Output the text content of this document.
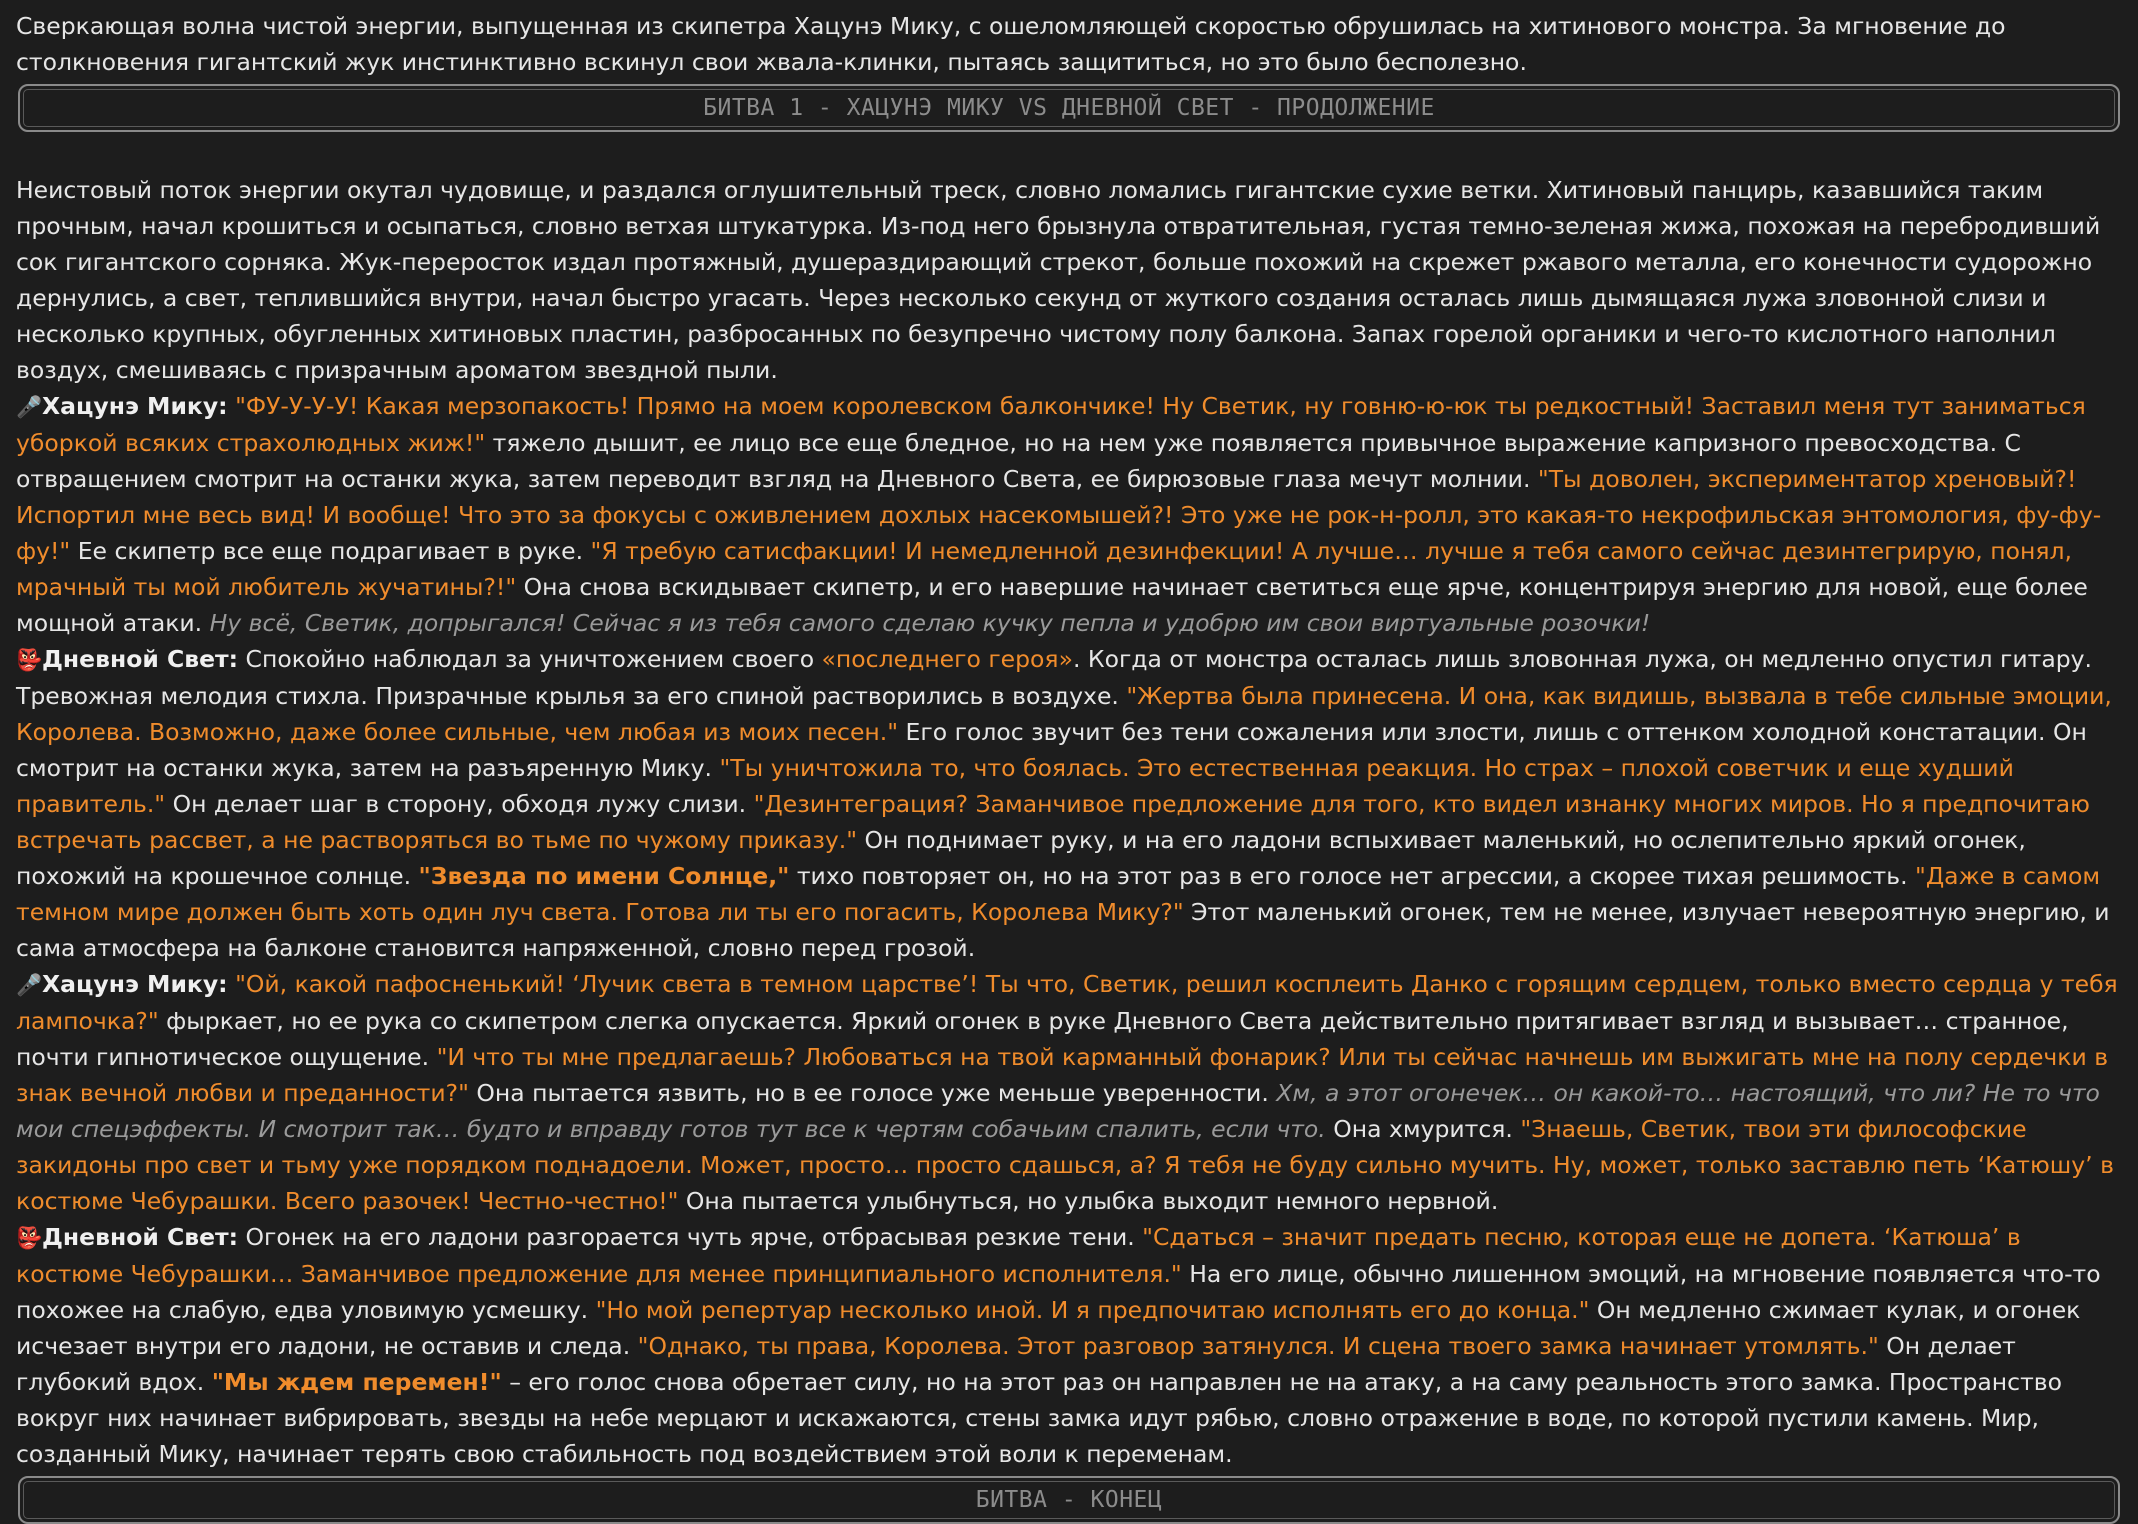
Сверкающая волна чистой энергии, выпущенная из скипетра Хацунэ Мику, с ошеломляющей скоростью обрушилась на хитинового монстра. За мгновение до столкновения гигантский жук инстинктивно вскинул свои жвала-клинки, пытаясь защититься, но это было бесполезно.

БИТВА 1 - ХАЦУНЭ МИКУ VS ДНЕВНОЙ СВЕТ - ПРОДОЛЖЕНИЕ

Неистовый поток энергии окутал чудовище, и раздался оглушительный треск, словно ломались гигантские сухие ветки. Хитиновый панцирь, казавшийся таким прочным, начал крошиться и осыпаться, словно ветхая штукатурка. Из-под него брызнула отвратительная, густая темно-зеленая жижа, похожая на перебродивший сок гигантского сорняка. Жук-переросток издал протяжный, душераздирающий стрекот, больше похожий на скрежет ржавого металла, его конечности судорожно дернулись, а свет, теплившийся внутри, начал быстро угасать. Через несколько секунд от жуткого создания осталась лишь дымящаяся лужа зловонной слизи и несколько крупных, обугленных хитиновых пластин, разбросанных по безупречно чистому полу балкона. Запах горелой органики и чего-то кислотного наполнил воздух, смешиваясь с призрачным ароматом звездной пыли.

🎤Хацунэ Мику: "ФУ-У-У-У! Какая мерзопакость! Прямо на моем королевском балкончике! Ну Светик, ну говню-ю-юк ты редкостный! Заставил меня тут заниматься уборкой всяких страхолюдных жиж!" тяжело дышит, ее лицо все еще бледное, но на нем уже появляется привычное выражение капризного превосходства. С отвращением смотрит на останки жука, затем переводит взгляд на Дневного Света, ее бирюзовые глаза мечут молнии. "Ты доволен, экспериментатор хреновый?! Испортил мне весь вид! И вообще! Что это за фокусы с оживлением дохлых насекомышей?! Это уже не рок-н-ролл, это какая-то некрофильская энтомология, фу-фу-фу!" Ее скипетр все еще подрагивает в руке. "Я требую сатисфакции! И немедленной дезинфекции! А лучше… лучше я тебя самого сейчас дезинтегрирую, понял, мрачный ты мой любитель жучатины?!" Она снова вскидывает скипетр, и его навершие начинает светиться еще ярче, концентрируя энергию для новой, еще более мощной атаки. Ну всё, Светик, допрыгался! Сейчас я из тебя самого сделаю кучку пепла и удобрю им свои виртуальные розочки!

👺Дневной Свет: Спокойно наблюдал за уничтожением своего «последнего героя». Когда от монстра осталась лишь зловонная лужа, он медленно опустил гитару. Тревожная мелодия стихла. Призрачные крылья за его спиной растворились в воздухе. "Жертва была принесена. И она, как видишь, вызвала в тебе сильные эмоции, Королева. Возможно, даже более сильные, чем любая из моих песен." Его голос звучит без тени сожаления или злости, лишь с оттенком холодной констатации. Он смотрит на останки жука, затем на разъяренную Мику. "Ты уничтожила то, что боялась. Это естественная реакция. Но страх – плохой советчик и еще худший правитель." Он делает шаг в сторону, обходя лужу слизи. "Дезинтеграция? Заманчивое предложение для того, кто видел изнанку многих миров. Но я предпочитаю встречать рассвет, а не растворяться во тьме по чужому приказу." Он поднимает руку, и на его ладони вспыхивает маленький, но ослепительно яркий огонек, похожий на крошечное солнце. "Звезда по имени Солнце," тихо повторяет он, но на этот раз в его голосе нет агрессии, а скорее тихая решимость. "Даже в самом темном мире должен быть хоть один луч света. Готова ли ты его погасить, Королева Мику?" Этот маленький огонек, тем не менее, излучает невероятную энергию, и сама атмосфера на балконе становится напряженной, словно перед грозой.

🎤Хацунэ Мику: "Ой, какой пафосненький! ‘Лучик света в темном царстве’! Ты что, Светик, решил косплеить Данко с горящим сердцем, только вместо сердца у тебя лампочка?" фыркает, но ее рука со скипетром слегка опускается. Яркий огонек в руке Дневного Света действительно притягивает взгляд и вызывает… странное, почти гипнотическое ощущение. "И что ты мне предлагаешь? Любоваться на твой карманный фонарик? Или ты сейчас начнешь им выжигать мне на полу сердечки в знак вечной любви и преданности?" Она пытается язвить, но в ее голосе уже меньше уверенности. Хм, а этот огонечек… он какой-то… настоящий, что ли? Не то что мои спецэффекты. И смотрит так… будто и вправду готов тут все к чертям собачьим спалить, если что. Она хмурится. "Знаешь, Светик, твои эти философские закидоны про свет и тьму уже порядком поднадоели. Может, просто… просто сдашься, а? Я тебя не буду сильно мучить. Ну, может, только заставлю петь ‘Катюшу’ в костюме Чебурашки. Всего разочек! Честно-честно!" Она пытается улыбнуться, но улыбка выходит немного нервной.

👺Дневной Свет: Огонек на его ладони разгорается чуть ярче, отбрасывая резкие тени. "Сдаться – значит предать песню, которая еще не допета. ‘Катюша’ в костюме Чебурашки… Заманчивое предложение для менее принципиального исполнителя." На его лице, обычно лишенном эмоций, на мгновение появляется что-то похожее на слабую, едва уловимую усмешку. "Но мой репертуар несколько иной. И я предпочитаю исполнять его до конца." Он медленно сжимает кулак, и огонек исчезает внутри его ладони, не оставив и следа. "Однако, ты права, Королева. Этот разговор затянулся. И сцена твоего замка начинает утомлять." Он делает глубокий вдох. "Мы ждем перемен!" – его голос снова обретает силу, но на этот раз он направлен не на атаку, а на саму реальность этого замка. Пространство вокруг них начинает вибрировать, звезды на небе мерцают и искажаются, стены замка идут рябью, словно отражение в воде, по которой пустили камень. Мир, созданный Мику, начинает терять свою стабильность под воздействием этой воли к переменам.

БИТВА - КОНЕЦ
